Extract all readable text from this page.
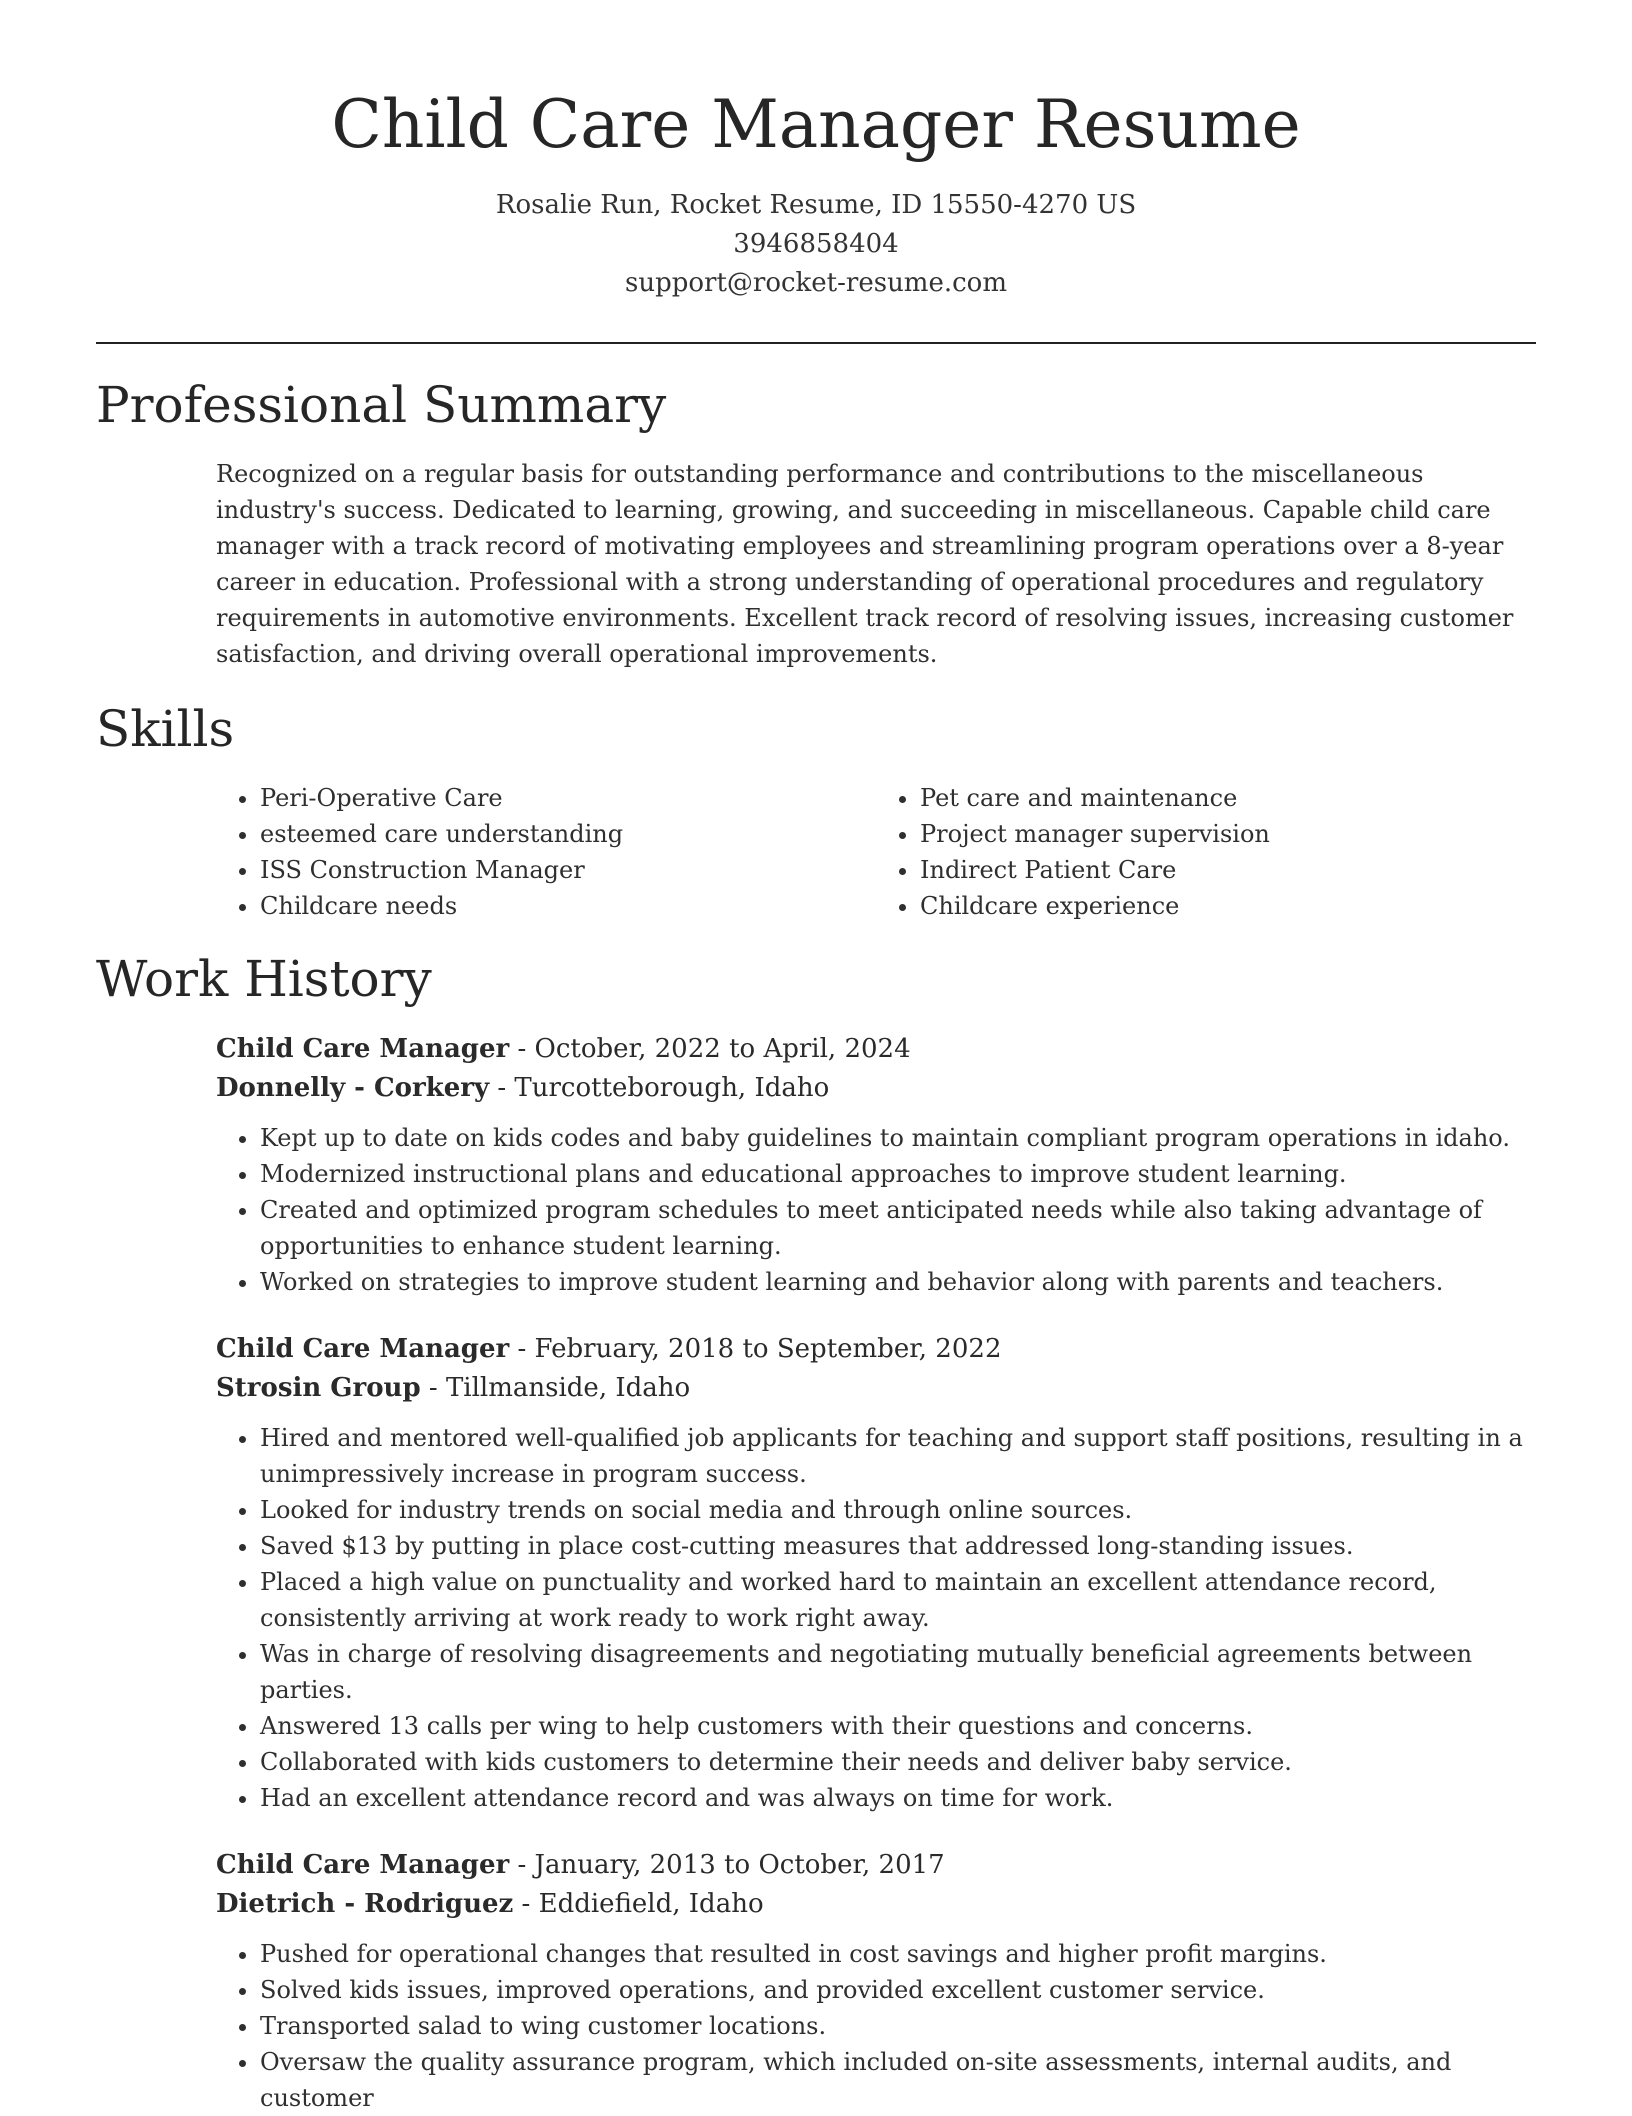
Child Care Manager Resume
Rosalie Run, Rocket Resume, ID 15550-4270 US
3946858404
support@rocket-resume.com
Professional Summary

Recognized on a regular basis for outstanding performance and contributions to the miscellaneous industry's success. Dedicated to learning, growing, and succeeding in miscellaneous. Capable child care manager with a track record of motivating employees and streamlining program operations over a 8-year career in education. Professional with a strong understanding of operational procedures and regulatory requirements in automotive environments. Excellent track record of resolving issues, increasing customer satisfaction, and driving overall operational improvements.

Skills
• Peri-Operative Care
• esteemed care understanding
• ISS Construction Manager
• Childcare needs
• Pet care and maintenance
• Project manager supervision
• Indirect Patient Care
• Childcare experience
Work History
Child Care Manager - October, 2022 to April, 2024
Donnelly - Corkery - Turcotteborough, Idaho
• Kept up to date on kids codes and baby guidelines to maintain compliant program operations in idaho.
• Modernized instructional plans and educational approaches to improve student learning.
• Created and optimized program schedules to meet anticipated needs while also taking advantage of opportunities to enhance student learning.
• Worked on strategies to improve student learning and behavior along with parents and teachers.
Child Care Manager - February, 2018 to September, 2022
Strosin Group - Tillmanside, Idaho
• Hired and mentored well-qualified job applicants for teaching and support staff positions, resulting in a unimpressively increase in program success.
• Looked for industry trends on social media and through online sources.
• Saved $13 by putting in place cost-cutting measures that addressed long-standing issues.
• Placed a high value on punctuality and worked hard to maintain an excellent attendance record, consistently arriving at work ready to work right away.
• Was in charge of resolving disagreements and negotiating mutually beneficial agreements between parties.
• Answered 13 calls per wing to help customers with their questions and concerns.
• Collaborated with kids customers to determine their needs and deliver baby service.
• Had an excellent attendance record and was always on time for work.
Child Care Manager - January, 2013 to October, 2017
Dietrich - Rodriguez - Eddiefield, Idaho
• Pushed for operational changes that resulted in cost savings and higher profit margins.
• Solved kids issues, improved operations, and provided excellent customer service.
• Transported salad to wing customer locations.
• Oversaw the quality assurance program, which included on-site assessments, internal audits, and customer
